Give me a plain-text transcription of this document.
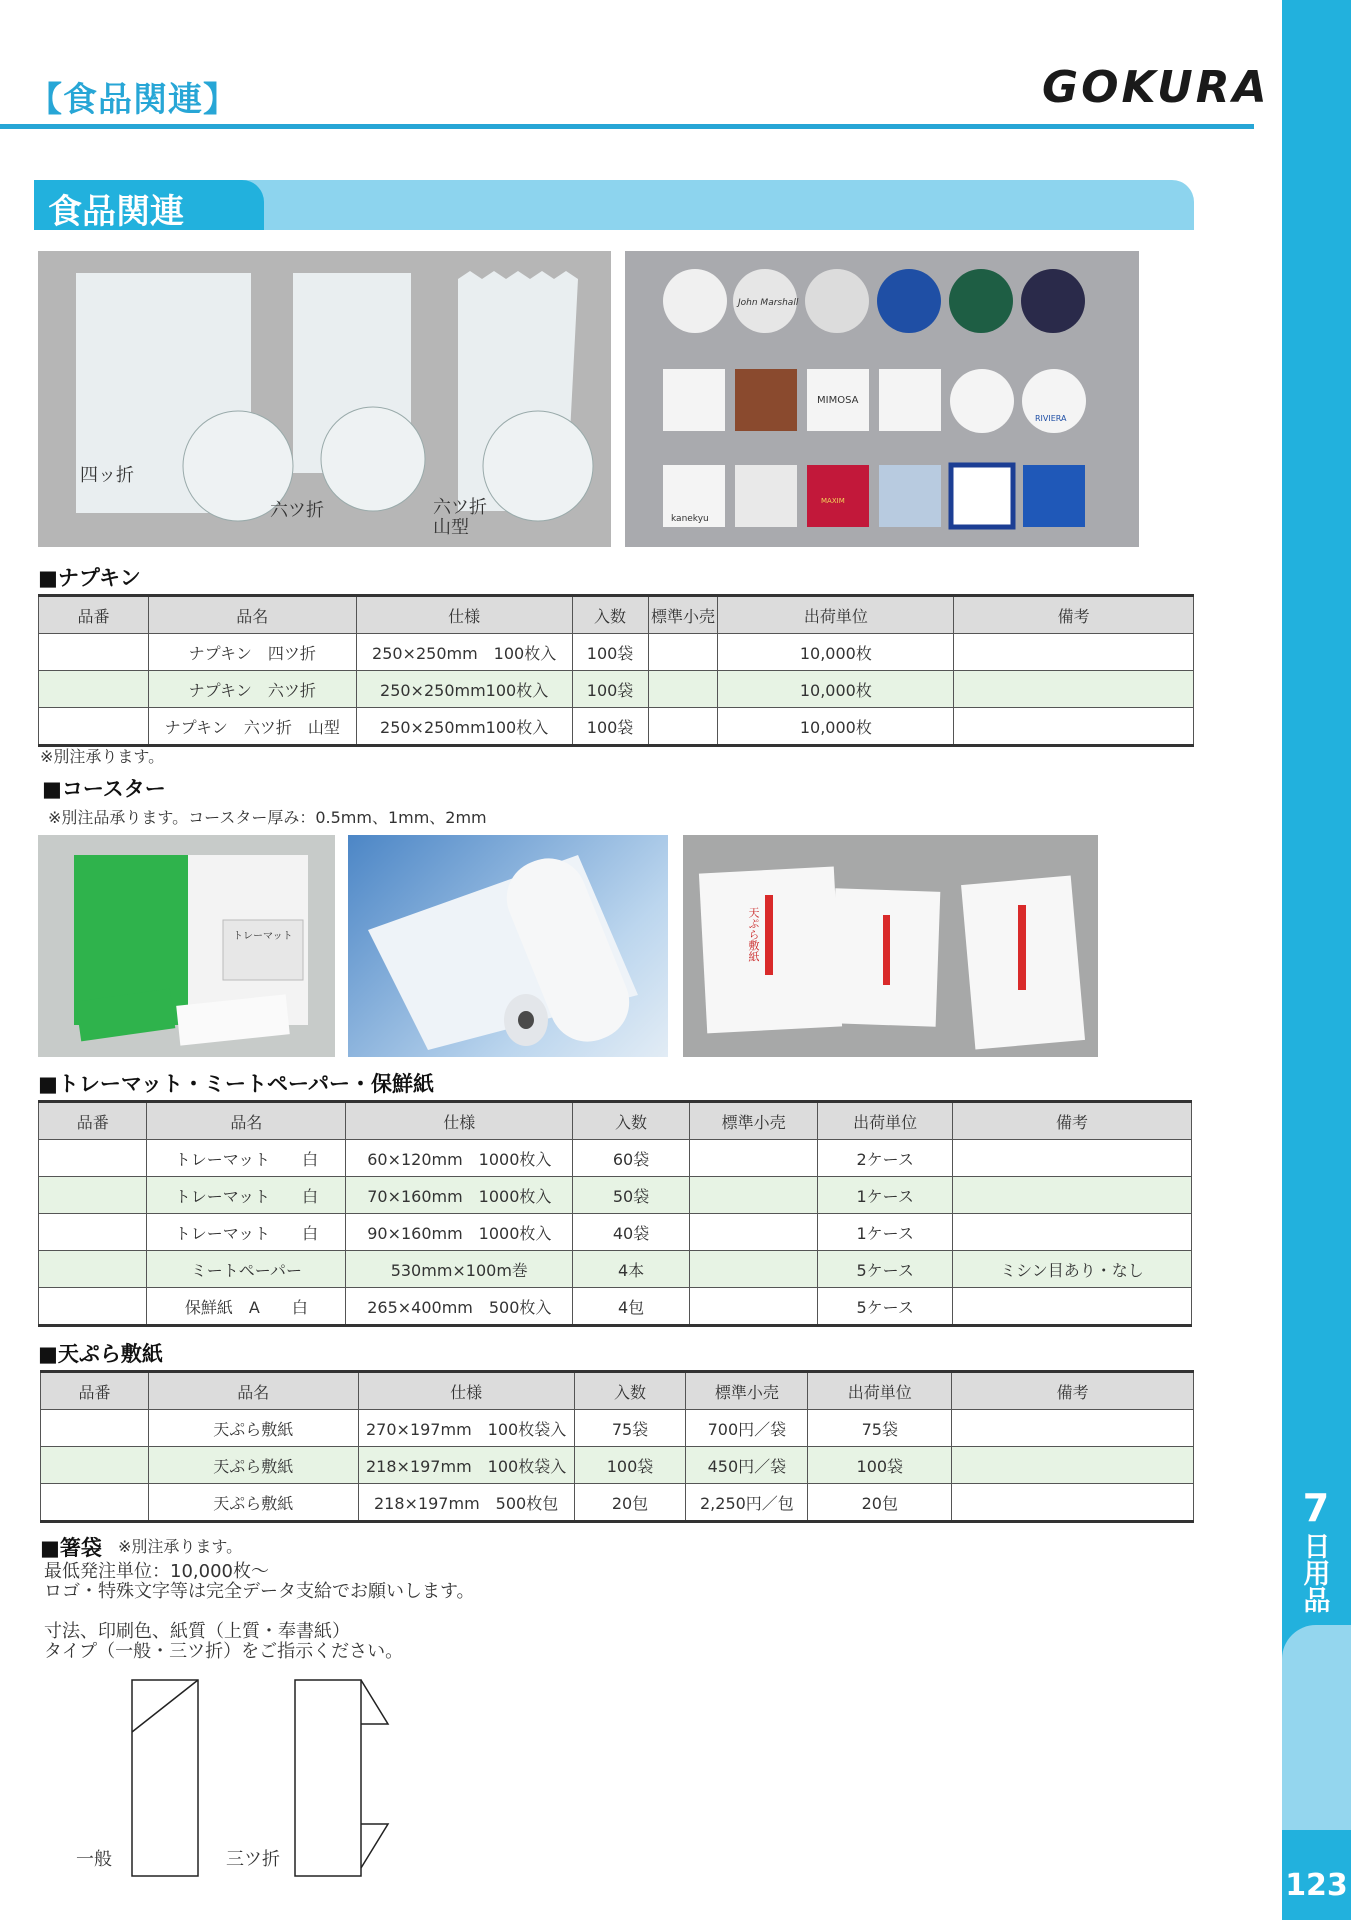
7
日
用
品
123
【食品関連】	GOKURA
食品関連
四ッ折
六ツ折	六ツ折
山型
John Marshall
MIMOSA
RIVIERA
kanekyu
MAXIM
■ナプキン
品番	品名	仕様	入数	標準小売	出荷単位	備考
	ナプキン　四ツ折	250×250mm　100枚入	100袋		10,000枚	
	ナプキン　六ツ折	250×250mm100枚入	100袋		10,000枚	
	ナプキン　六ツ折　山型	250×250mm100枚入	100袋		10,000枚	
※別注承ります。
■コースター
※別注品承ります。コースター厚み：0.5mm、1mm、2mm
トレーマット	天ぷら敷紙
■トレーマット・ミートペーパー・保鮮紙
品番	品名	仕様	入数	標準小売	出荷単位	備考
	トレーマット　　白	60×120mm　1000枚入	60袋		2ケース	
	トレーマット　　白	70×160mm　1000枚入	50袋		1ケース	
	トレーマット　　白	90×160mm　1000枚入	40袋		1ケース	
	ミートペーパー	530mm×100m巻	4本		5ケース	ミシン目あり・なし
	保鮮紙　A　　白	265×400mm　500枚入	4包		5ケース	
■天ぷら敷紙
品番	品名	仕様	入数	標準小売	出荷単位	備考
	天ぷら敷紙	270×197mm　100枚袋入	75袋	700円／袋	75袋	
	天ぷら敷紙	218×197mm　100枚袋入	100袋	450円／袋	100袋	
	天ぷら敷紙	218×197mm　500枚包	20包	2,250円／包	20包	
■箸袋 ※別注承ります。
最低発注単位：10,000枚～
ロゴ・特殊文字等は完全データ支給でお願いします。
寸法、印刷色、紙質（上質・奉書紙）
タイプ（一般・三ツ折）をご指示ください。
一般	三ツ折
